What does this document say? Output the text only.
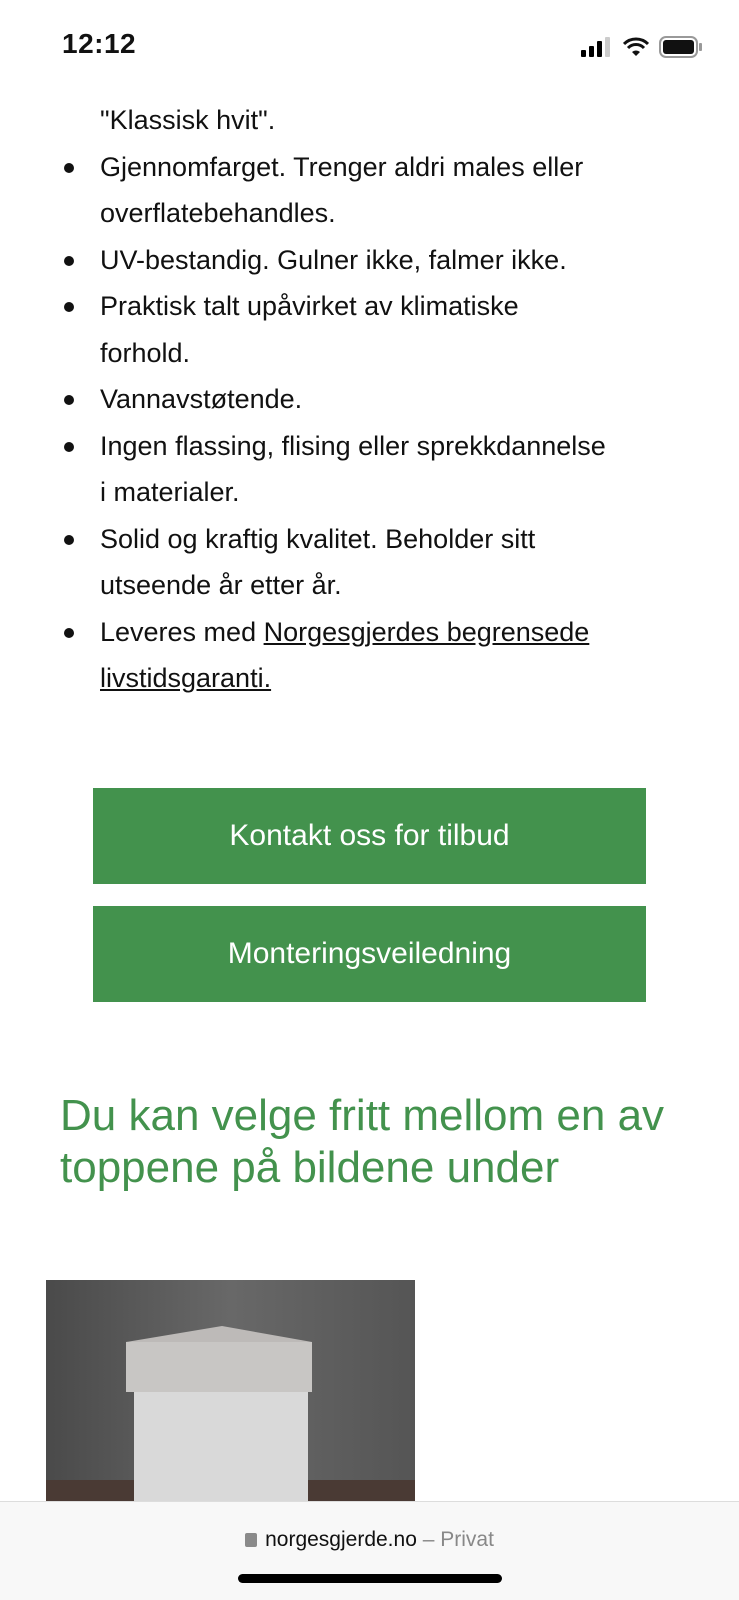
12:12
"Klassisk hvit".
Gjennomfarget. Trenger aldri males eller
overflatebehandles.
UV-bestandig. Gulner ikke, falmer ikke.
Praktisk talt upåvirket av klimatiske
forhold.
Vannavstøtende.
Ingen flassing, flising eller sprekkdannelse
i materialer.
Solid og kraftig kvalitet. Beholder sitt
utseende år etter år.
Leveres med Norgesgjerdes begrensede
livstidsgaranti.
Kontakt oss for tilbud
Monteringsveiledning
Du kan velge fritt mellom en av toppene på bildene under
norgesgjerde.no – Privat
